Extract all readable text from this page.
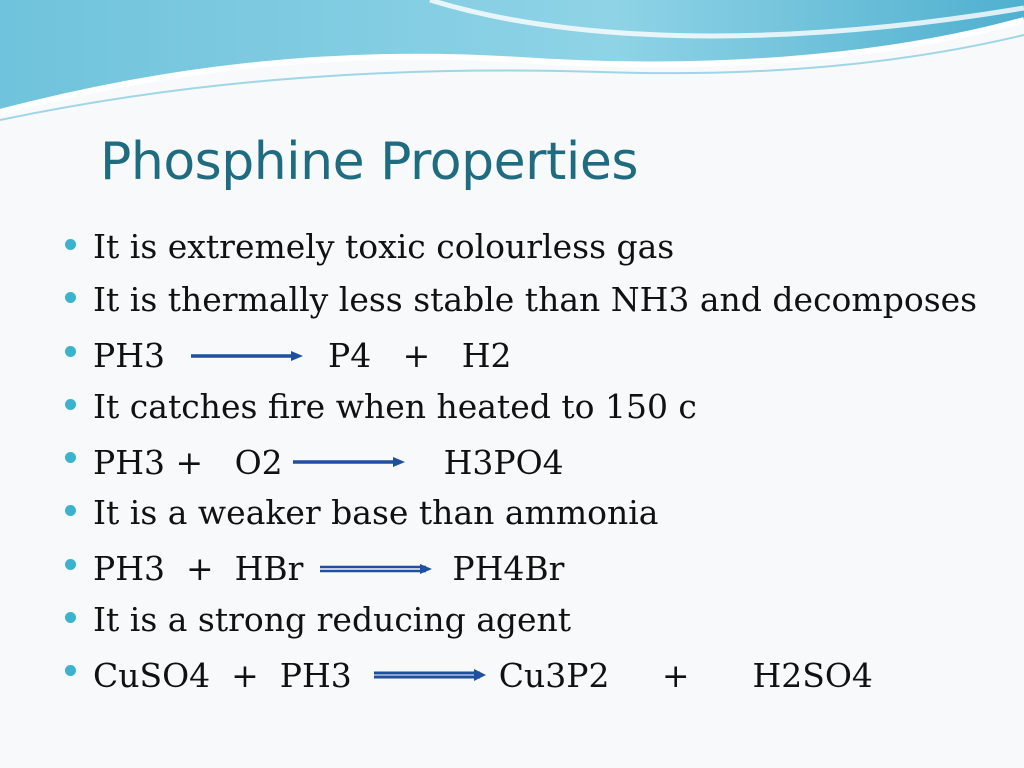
Phosphine Properties
It is extremely toxic colourless gas
It is thermally less stable than NH3 and decomposes
PH3	P4   +   H2
It catches fire when heated to 150 c
PH3 +   O2	H3PO4
It is a weaker base than ammonia
PH3  +  HBr	PH4Br
It is a strong reducing agent
CuSO4  +  PH3	Cu3P2     +      H2SO4
